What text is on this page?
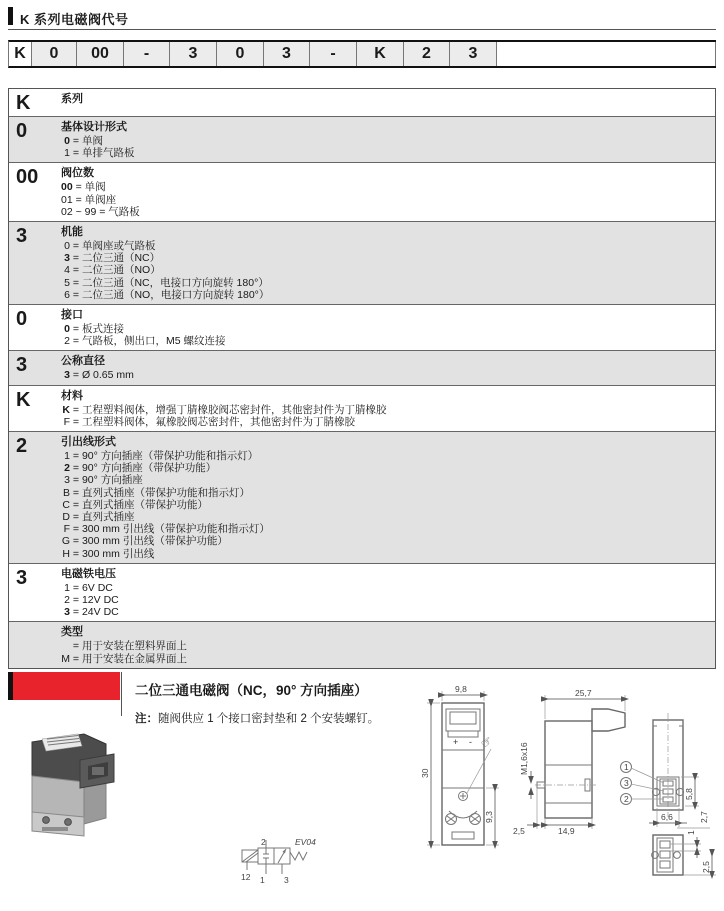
K 系列电磁阀代号
K	0	00	-	3	0	3	-	K	2	3
K	系列
0	基体设计形式
0 = 单阀
1 = 单排气路板
00	阀位数
00 = 单阀
01 = 单阀座
02 ~ 99 = 气路板
3	机能
0 = 单阀座或气路板
3 = 二位三通（NC）
4 = 二位三通（NO）
5 = 二位三通（NC，电接口方向旋转 180°）
6 = 二位三通（NO，电接口方向旋转 180°）
0	接口
0 = 板式连接
2 = 气路板，侧出口，M5 螺纹连接
3	公称直径
3 = Ø 0.65 mm
K	材料
K = 工程塑料阀体，增强丁腈橡胶阀芯密封件，其他密封件为丁腈橡胶
F = 工程塑料阀体，氟橡胶阀芯密封件，其他密封件为丁腈橡胶
2	引出线形式
1 = 90° 方向插座（带保护功能和指示灯）
2 = 90° 方向插座（带保护功能）
3 = 90° 方向插座
B = 直列式插座（带保护功能和指示灯）
C = 直列式插座（带保护功能）
D = 直列式插座
F = 300 mm 引出线（带保护功能和指示灯）
G = 300 mm 引出线（带保护功能）
H = 300 mm 引出线
3	电磁铁电压
1 = 6V DC
2 = 12V DC
3 = 24V DC
类型
= 用于安装在塑料界面上
M = 用于安装在金属界面上
二位三通电磁阀（NC，90° 方向插座）
注：随阀供应 1 个接口密封垫和 2 个安装螺钉。
2
1 3
12
EV04
+ - ☞
9,8
30
9,3
M1,6x16
25,7
2,5	14,9
1
3
2	5,8
6,6	2,7
1
2,5
